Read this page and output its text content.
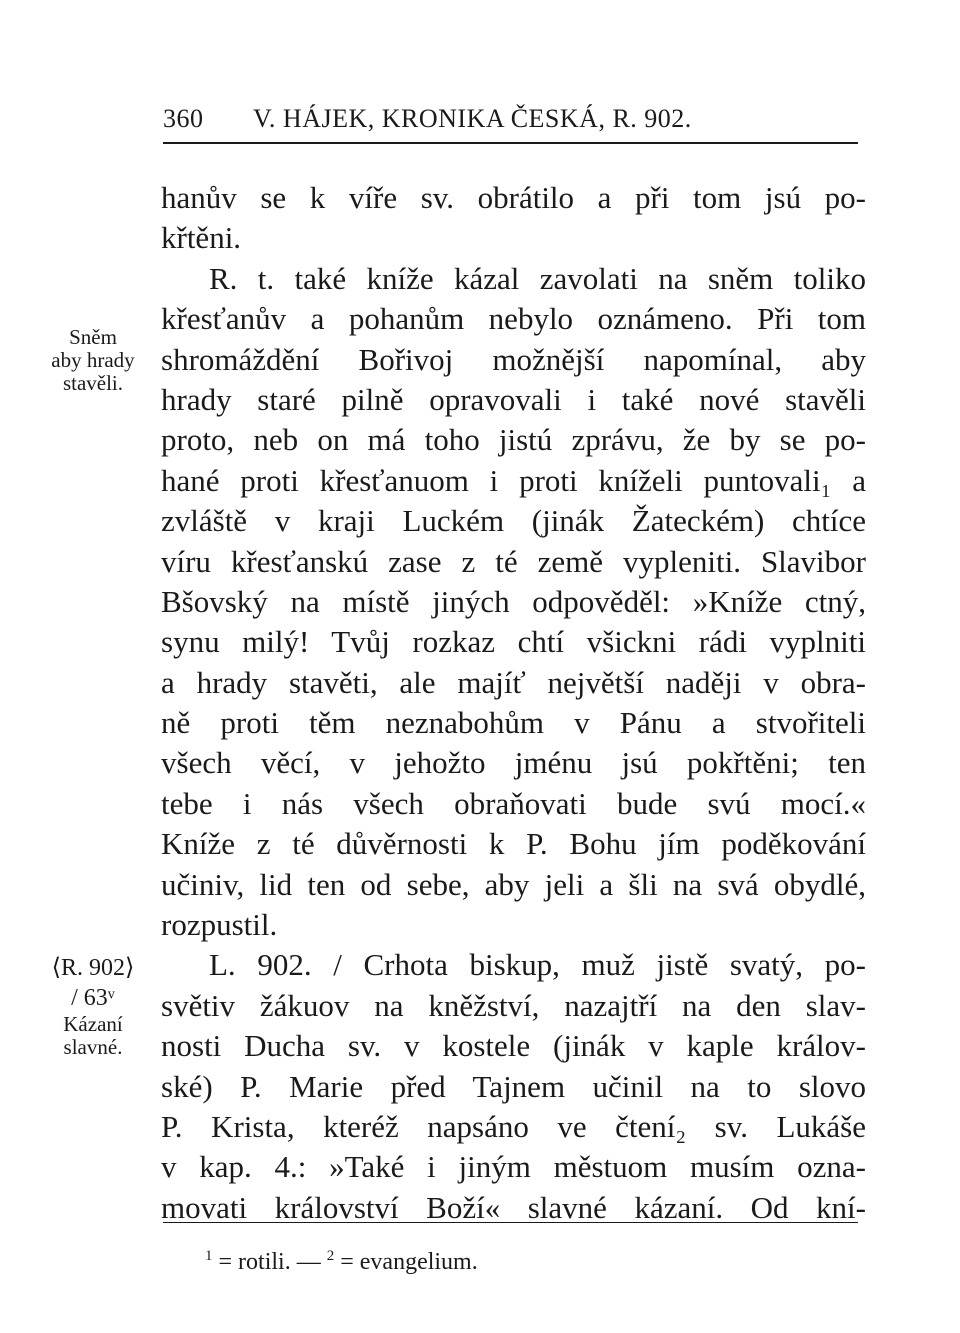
360 V. HÁJEK, KRONIKA ČESKÁ, R. 902.
Sněm
aby hrady
stavěli.
⟨R. 902⟩
/ 63ᵛ
Kázaní
slavné.
hanův se k víře sv. obrátilo a při tom jsú po-
křtěni.
R. t. také kníže kázal zavolati na sněm toliko
křesťanův a pohanům nebylo oznámeno. Při tom
shromáždění Bořivoj možnější napomínal, aby
hrady staré pilně opravovali i také nové stavěli
proto, neb on má toho jistú zprávu, že by se po-
hané proti křesťanuom i proti kníželi puntovali₁ a
zvláště v kraji Luckém (jinák Žateckém) chtíce
víru křesťanskú zase z té země vypleniti. Slavibor
Bšovský na místě jiných odpověděl: »Kníže ctný,
synu milý! Tvůj rozkaz chtí všickni rádi vyplniti
a hrady stavěti, ale majíť největší naději v obra-
ně proti těm neznabohům v Pánu a stvořiteli
všech věcí, v jehožto jménu jsú pokřtěni; ten
tebe i nás všech obraňovati bude svú mocí.«
Kníže z té důvěrnosti k P. Bohu jím poděkování
učiniv, lid ten od sebe, aby jeli a šli na svá obydlé,
rozpustil.
L. 902. / Crhota biskup, muž jistě svatý, po-
světiv žákuov na kněžství, nazajtří na den slav-
nosti Ducha sv. v kostele (jinák v kaple králov-
ské) P. Marie před Tajnem učinil na to slovo
P. Krista, kteréž napsáno ve čtení₂ sv. Lukáše
v kap. 4.: »Také i jiným městuom musím ozna-
movati království Boží« slavné kázaní. Od kní-
$^1$ = rotili. — $^2$ = evangelium.
